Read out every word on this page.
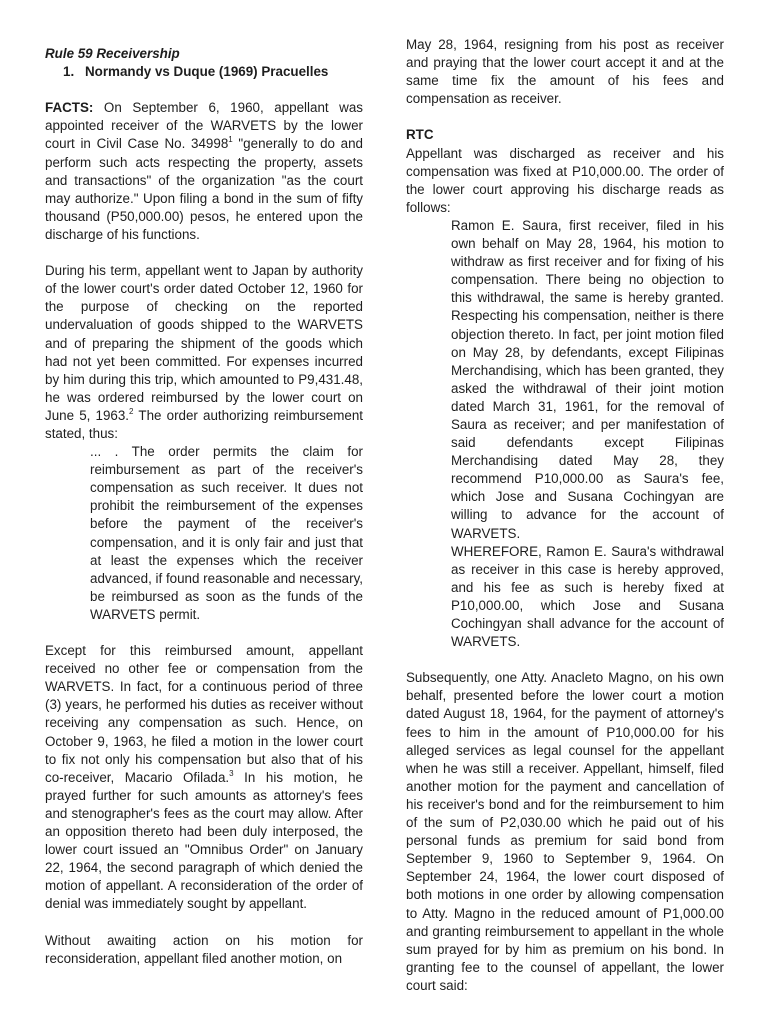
Rule 59 Receivership

1. Normandy vs Duque (1969) Pracuelles

FACTS: On September 6, 1960, appellant was appointed receiver of the WARVETS by the lower court in Civil Case No. 34998$^1$ "generally to do and perform such acts respecting the property, assets and transactions" of the organization "as the court may authorize." Upon filing a bond in the sum of fifty thousand (P50,000.00) pesos, he entered upon the discharge of his functions.

During his term, appellant went to Japan by authority of the lower court's order dated October 12, 1960 for the purpose of checking on the reported undervaluation of goods shipped to the WARVETS and of preparing the shipment of the goods which had not yet been committed. For expenses incurred by him during this trip, which amounted to P9,431.48, he was ordered reimbursed by the lower court on June 5, 1963.$^2$ The order authorizing reimbursement stated, thus:

... . The order permits the claim for reimbursement as part of the receiver's compensation as such receiver. It dues not prohibit the reimbursement of the expenses before the payment of the receiver's compensation, and it is only fair and just that at least the expenses which the receiver advanced, if found reasonable and necessary, be reimbursed as soon as the funds of the WARVETS permit.

Except for this reimbursed amount, appellant received no other fee or compensation from the WARVETS. In fact, for a continuous period of three (3) years, he performed his duties as receiver without receiving any compensation as such. Hence, on October 9, 1963, he filed a motion in the lower court to fix not only his compensation but also that of his co-receiver, Macario Ofilada.$^3$ In his motion, he prayed further for such amounts as attorney's fees and stenographer's fees as the court may allow. After an opposition thereto had been duly interposed, the lower court issued an "Omnibus Order" on January 22, 1964, the second paragraph of which denied the motion of appellant. A reconsideration of the order of denial was immediately sought by appellant.

Without awaiting action on his motion for reconsideration, appellant filed another motion, on

May 28, 1964, resigning from his post as receiver and praying that the lower court accept it and at the same time fix the amount of his fees and compensation as receiver.

RTC

Appellant was discharged as receiver and his compensation was fixed at P10,000.00. The order of the lower court approving his discharge reads as follows:

Ramon E. Saura, first receiver, filed in his own behalf on May 28, 1964, his motion to withdraw as first receiver and for fixing of his compensation. There being no objection to this withdrawal, the same is hereby granted. Respecting his compensation, neither is there objection thereto. In fact, per joint motion filed on May 28, by defendants, except Filipinas Merchandising, which has been granted, they asked the withdrawal of their joint motion dated March 31, 1961, for the removal of Saura as receiver; and per manifestation of said defendants except Filipinas Merchandising dated May 28, they recommend P10,000.00 as Saura's fee, which Jose and Susana Cochingyan are willing to advance for the account of WARVETS.

WHEREFORE, Ramon E. Saura's withdrawal as receiver in this case is hereby approved, and his fee as such is hereby fixed at P10,000.00, which Jose and Susana Cochingyan shall advance for the account of WARVETS.

Subsequently, one Atty. Anacleto Magno, on his own behalf, presented before the lower court a motion dated August 18, 1964, for the payment of attorney's fees to him in the amount of P10,000.00 for his alleged services as legal counsel for the appellant when he was still a receiver. Appellant, himself, filed another motion for the payment and cancellation of his receiver's bond and for the reimbursement to him of the sum of P2,030.00 which he paid out of his personal funds as premium for said bond from September 9, 1960 to September 9, 1964. On September 24, 1964, the lower court disposed of both motions in one order by allowing compensation to Atty. Magno in the reduced amount of P1,000.00 and granting reimbursement to appellant in the whole sum prayed for by him as premium on his bond. In granting fee to the counsel of appellant, the lower court said:
